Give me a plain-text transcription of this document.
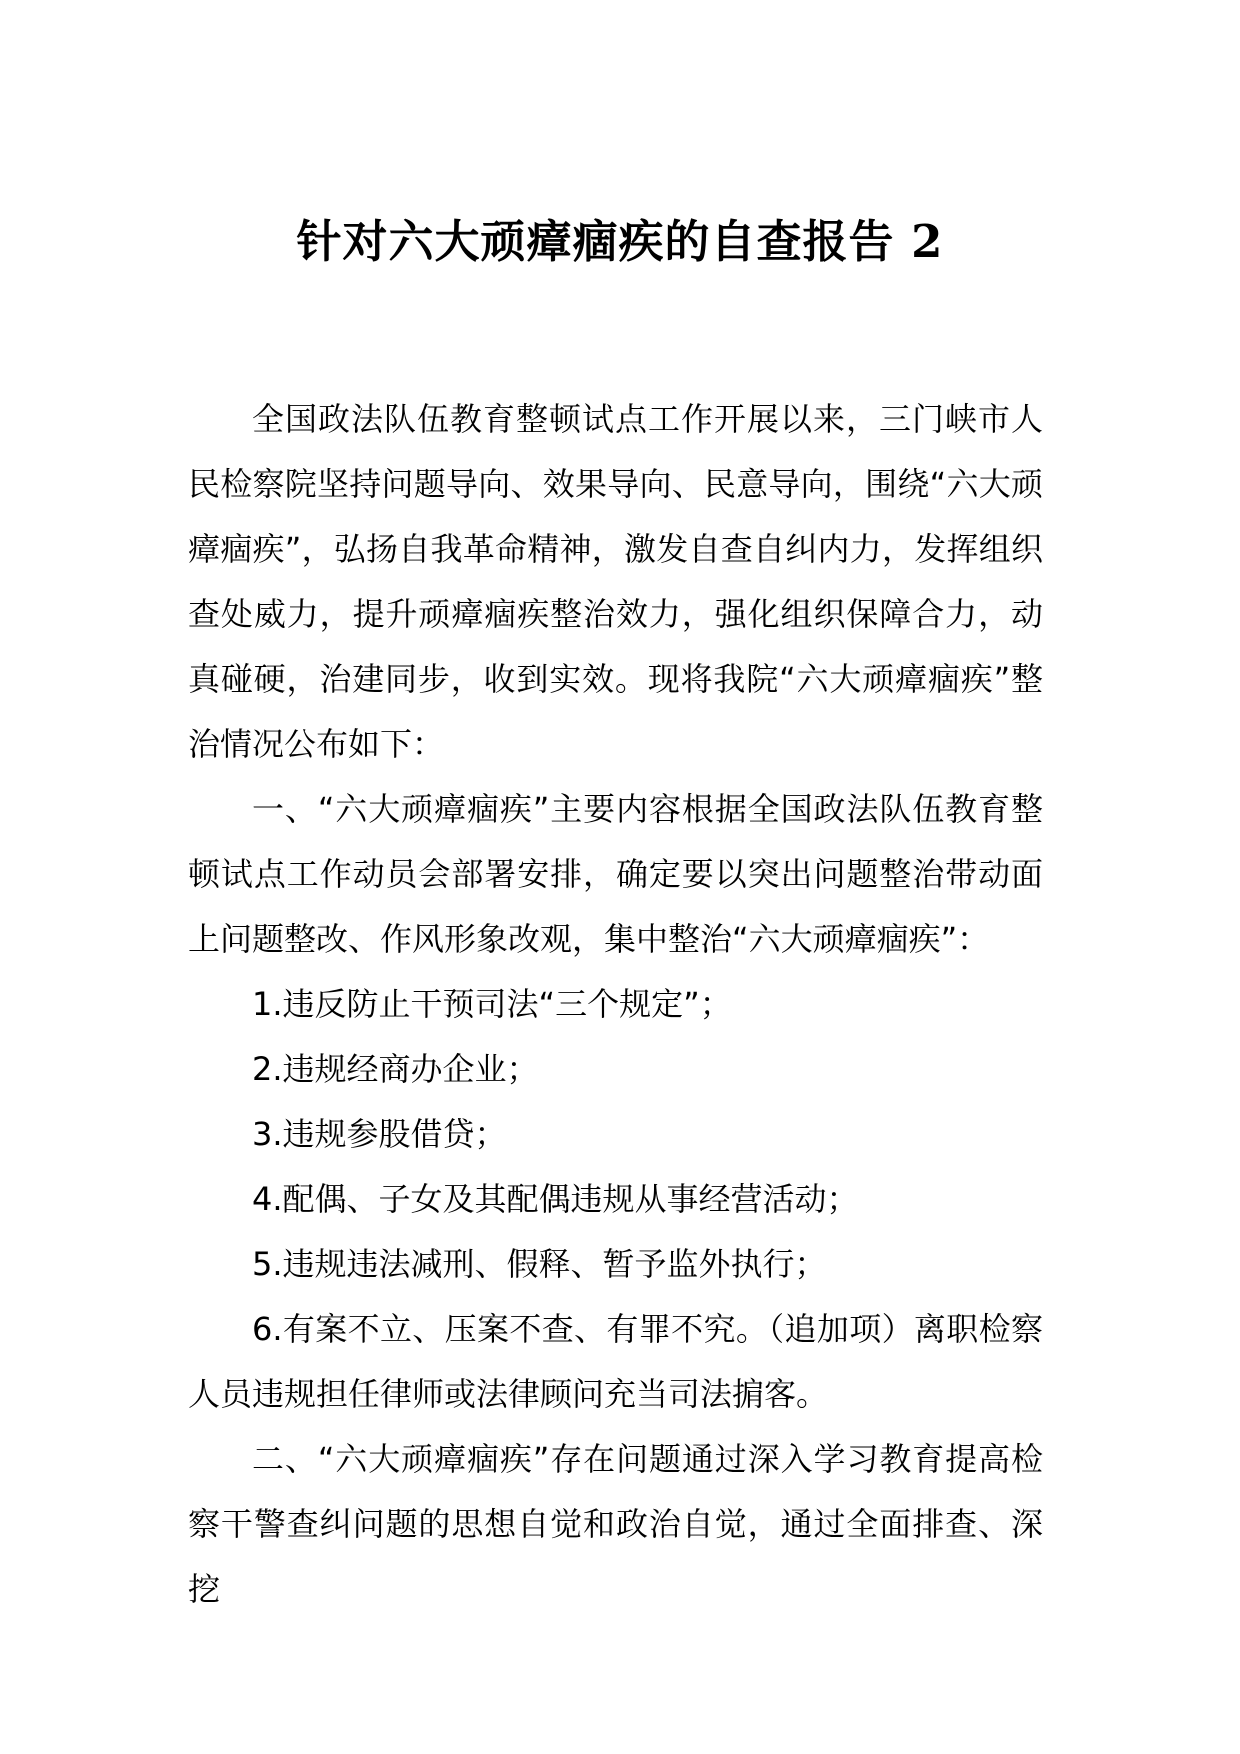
针对六大顽瘴痼疾的自查报告 2

全国政法队伍教育整顿试点工作开展以来，三门峡市人民检察院坚持问题导向、效果导向、民意导向，围绕“六大顽瘴痼疾”，弘扬自我革命精神，激发自查自纠内力，发挥组织查处威力，提升顽瘴痼疾整治效力，强化组织保障合力，动真碰硬，治建同步，收到实效。现将我院“六大顽瘴痼疾”整治情况公布如下：

一、“六大顽瘴痼疾”主要内容根据全国政法队伍教育整顿试点工作动员会部署安排，确定要以突出问题整治带动面上问题整改、作风形象改观，集中整治“六大顽瘴痼疾”：

1.违反防止干预司法“三个规定”；

2.违规经商办企业；

3.违规参股借贷；

4.配偶、子女及其配偶违规从事经营活动；

5.违规违法减刑、假释、暂予监外执行；

6.有案不立、压案不查、有罪不究。（追加项）离职检察人员违规担任律师或法律顾问充当司法掮客。

二、“六大顽瘴痼疾”存在问题通过深入学习教育提高检察干警查纠问题的思想自觉和政治自觉，通过全面排查、深挖
